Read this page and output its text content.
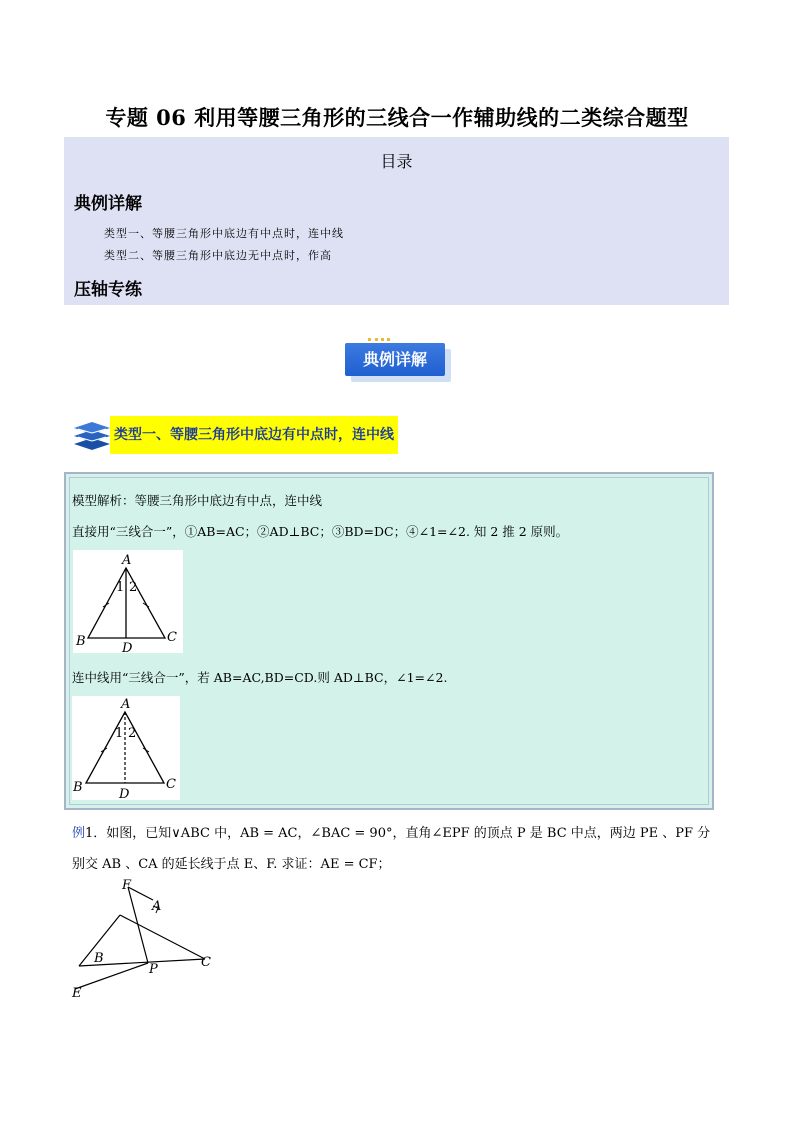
专题 06 利用等腰三角形的三线合一作辅助线的二类综合题型
目录
典例详解
类型一、等腰三角形中底边有中点时，连中线
类型二、等腰三角形中底边无中点时，作高
压轴专练
典例详解
类型一、等腰三角形中底边有中点时，连中线
模型解析：等腰三角形中底边有中点，连中线
直接用“三线合一”，①AB=AC；②AD⊥BC；③BD=DC；④∠1=∠2. 知 2 推 2 原则。
A
1 2
B	C
D
连中线用“三线合一”，若 AB=AC,BD=CD.则 AD⊥BC，∠1=∠2.
A
1 2
B	C
D
例1．如图，已知∨ABC 中，AB = AC，∠BAC = 90°，直角∠EPF 的顶点 P 是 BC 中点，两边 PE 、PF 分
别交 AB 、CA 的延长线于点 E、F. 求证：AE = CF；
F
A
B
P	C
E
